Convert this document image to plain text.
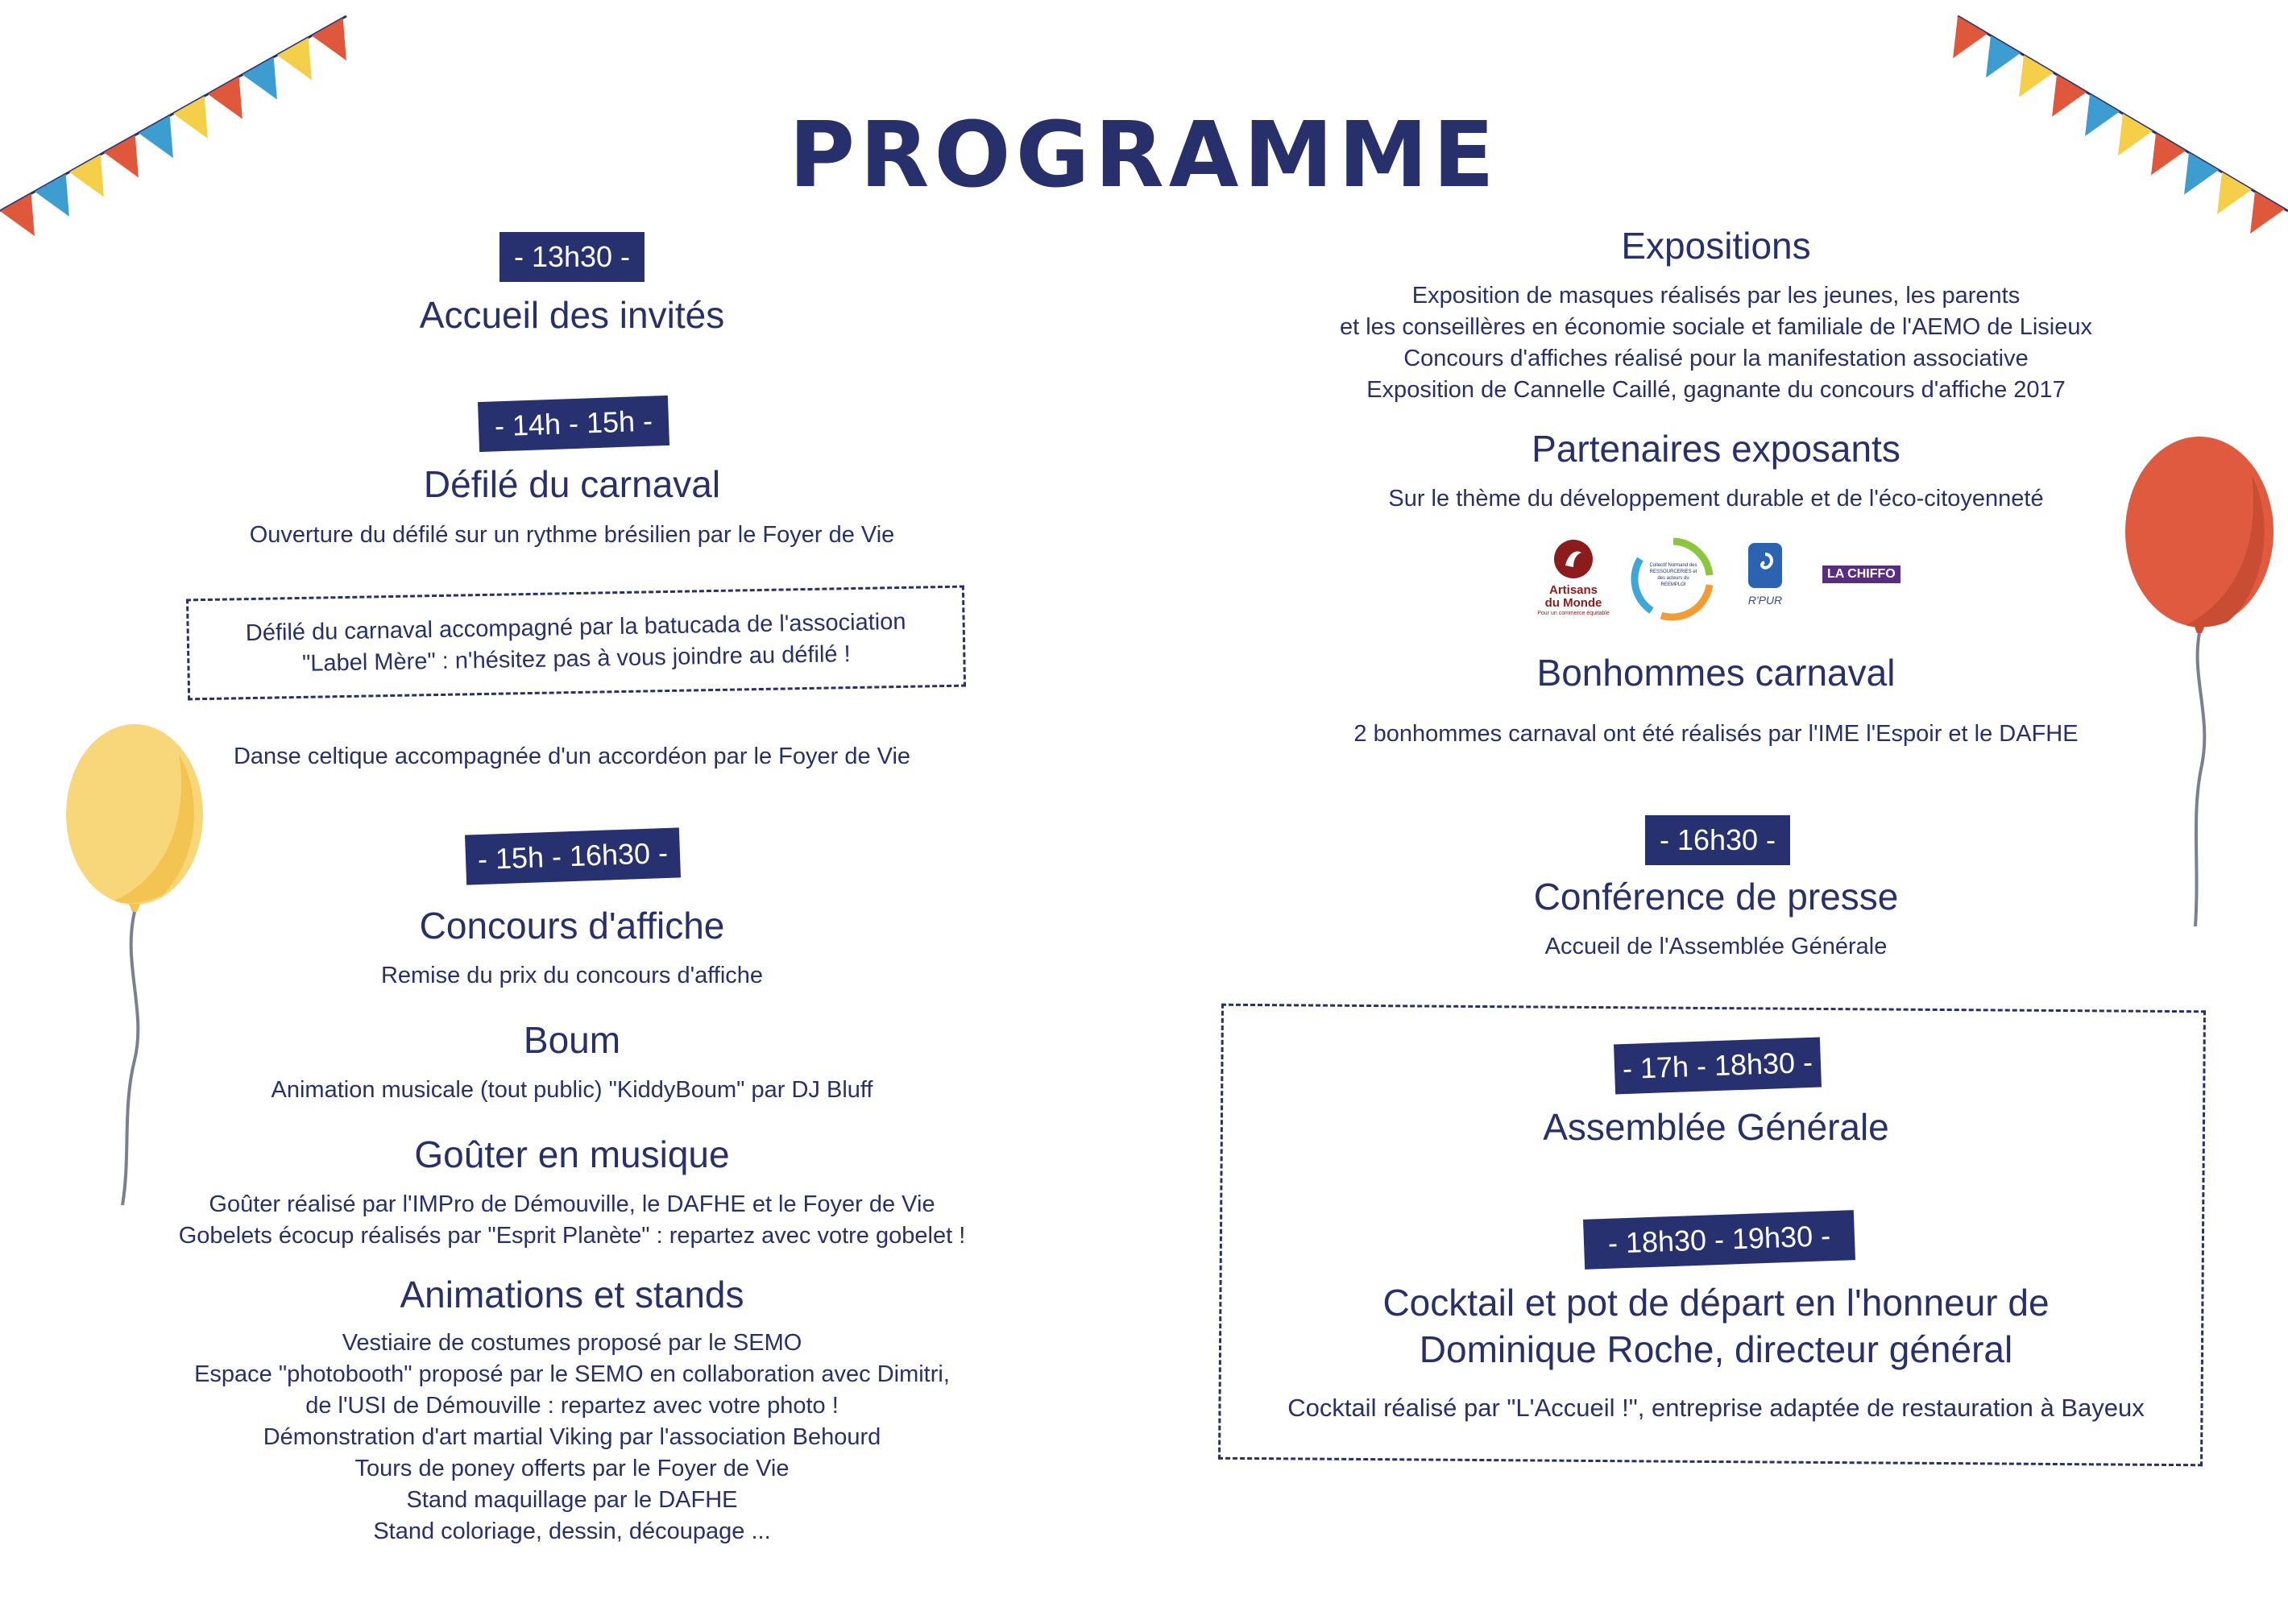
PROGRAMME
- 13h30 -
Accueil des invités
- 14h - 15h -
Défilé du carnaval
Ouverture du défilé sur un rythme brésilien par le Foyer de Vie
Défilé du carnaval accompagné par la batucada de l'association
"Label Mère" : n'hésitez pas à vous joindre au défilé !
Danse celtique accompagnée d'un accordéon par le Foyer de Vie
- 15h - 16h30 -
Concours d'affiche
Remise du prix du concours d'affiche
Boum
Animation musicale (tout public) "KiddyBoum" par DJ Bluff
Goûter en musique
Goûter réalisé par l'IMPro de Démouville, le DAFHE et le Foyer de Vie
Gobelets écocup réalisés par "Esprit Planète" : repartez avec votre gobelet !
Animations et stands
Vestiaire de costumes proposé par le SEMO
Espace "photobooth" proposé par le SEMO en collaboration avec Dimitri,
de l'USI de Démouville : repartez avec votre photo !
Démonstration d'art martial Viking par l'association Behourd
Tours de poney offerts par le Foyer de Vie
Stand maquillage par le DAFHE
Stand coloriage, dessin, découpage ...
Expositions
Exposition de masques réalisés par les jeunes, les parents
et les conseillères en économie sociale et familiale de l'AEMO de Lisieux
Concours d'affiches réalisé pour la manifestation associative
Exposition de Cannelle Caillé, gagnante du concours d'affiche 2017
Partenaires exposants
Sur le thème du développement durable et de l'éco-citoyenneté
Artisans
du Monde
Pour un commerce équitable
Collectif Normand des RESSOURCERIES et des acteurs du REEMPLOI
R'PUR
LA CHIFFO
Bonhommes carnaval
2 bonhommes carnaval ont été réalisés par l'IME l'Espoir et le DAFHE
- 16h30 -
Conférence de presse
Accueil de l'Assemblée Générale
- 17h - 18h30 -
Assemblée Générale
- 18h30 - 19h30 -
Cocktail et pot de départ en l'honneur de
Dominique Roche, directeur général
Cocktail réalisé par "L'Accueil !", entreprise adaptée de restauration à Bayeux
